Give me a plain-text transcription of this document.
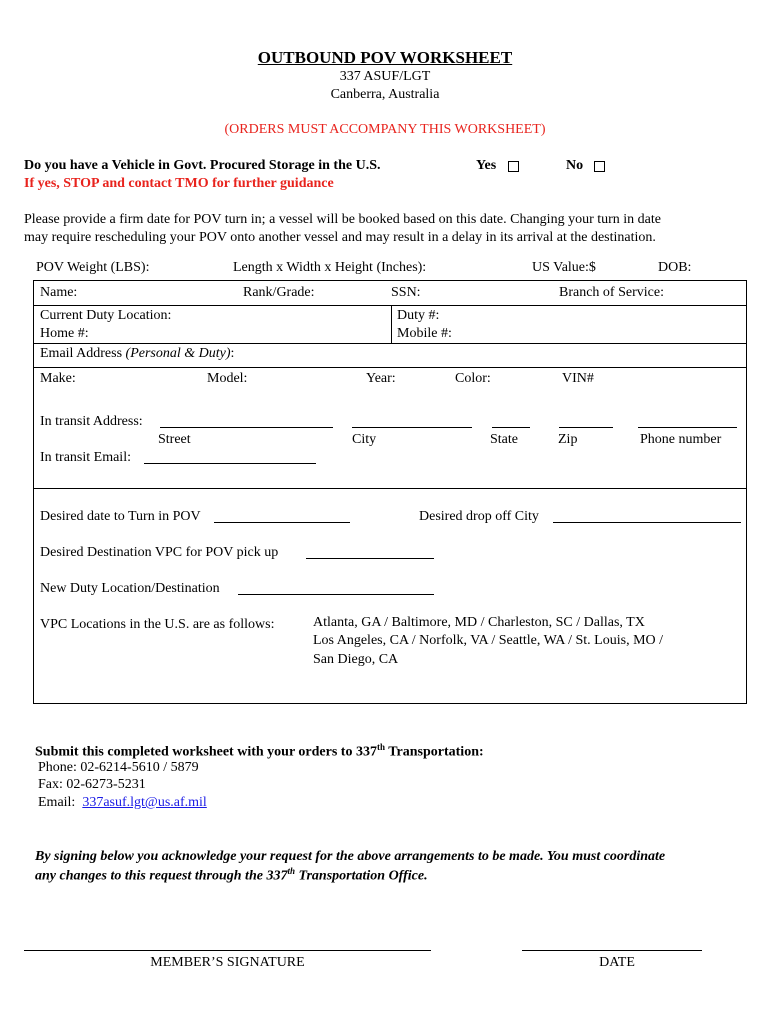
OUTBOUND POV WORKSHEET
337 ASUF/LGT
Canberra, Australia
(ORDERS MUST ACCOMPANY THIS WORKSHEET)
Do you have a Vehicle in Govt. Procured Storage in the U.S.
If yes, STOP and contact TMO for further guidance
Yes	No
Please provide a firm date for POV turn in; a vessel will be booked based on this date. Changing your turn in date
may require rescheduling your POV onto another vessel and may result in a delay in its arrival at the destination.
POV Weight (LBS):	Length x Width x Height (Inches):	US Value:$	DOB:
Name:	Rank/Grade:	SSN:	Branch of Service:
Current Duty Location:	Duty #:
Home #:	Mobile #:
Email Address (Personal & Duty):
Make:	Model:	Year:	Color:	VIN#
In transit Address:
Street	City	State	Zip	Phone number
In transit Email:
Desired date to Turn in POV	Desired drop off City
Desired Destination VPC for POV pick up
New Duty Location/Destination
VPC Locations in the U.S. are as follows:	Atlanta, GA / Baltimore, MD / Charleston, SC / Dallas, TX
Los Angeles, CA / Norfolk, VA / Seattle, WA / St. Louis, MO /
San Diego, CA
Submit this completed worksheet with your orders to 337th Transportation:
Phone: 02-6214-5610 / 5879
Fax: 02-6273-5231
Email:  337asuf.lgt@us.af.mil
By signing below you acknowledge your request for the above arrangements to be made. You must coordinate
any changes to this request through the 337th Transportation Office.
MEMBER’S SIGNATURE	DATE
